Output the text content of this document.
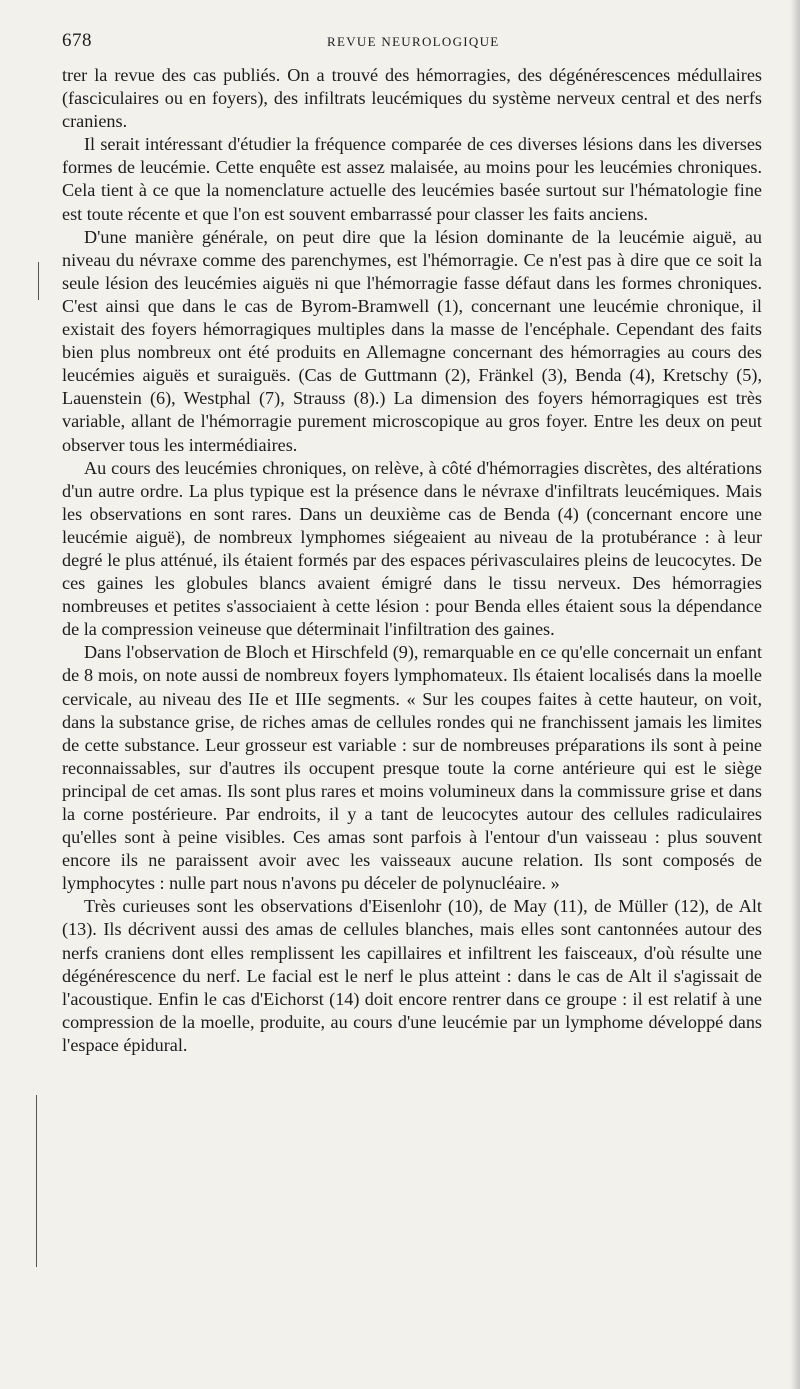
678	REVUE NEUROLOGIQUE

trer la revue des cas publiés. On a trouvé des hémorragies, des dégénérescences médullaires (fasciculaires ou en foyers), des infiltrats leucémiques du système nerveux central et des nerfs craniens.

Il serait intéressant d'étudier la fréquence comparée de ces diverses lésions dans les diverses formes de leucémie. Cette enquête est assez malaisée, au moins pour les leucémies chroniques. Cela tient à ce que la nomenclature actuelle des leucémies basée surtout sur l'hématologie fine est toute récente et que l'on est souvent embarrassé pour classer les faits anciens.

D'une manière générale, on peut dire que la lésion dominante de la leucémie aiguë, au niveau du névraxe comme des parenchymes, est l'hémorragie. Ce n'est pas à dire que ce soit la seule lésion des leucémies aiguës ni que l'hémorragie fasse défaut dans les formes chroniques. C'est ainsi que dans le cas de Byrom-Bramwell (1), concernant une leucémie chronique, il existait des foyers hémorragiques multiples dans la masse de l'encéphale. Cependant des faits bien plus nombreux ont été produits en Allemagne concernant des hémorragies au cours des leucémies aiguës et suraiguës. (Cas de Guttmann (2), Fränkel (3), Benda (4), Kretschy (5), Lauenstein (6), Westphal (7), Strauss (8).) La dimension des foyers hémorragiques est très variable, allant de l'hémorragie purement microscopique au gros foyer. Entre les deux on peut observer tous les intermédiaires.

Au cours des leucémies chroniques, on relève, à côté d'hémorragies discrètes, des altérations d'un autre ordre. La plus typique est la présence dans le névraxe d'infiltrats leucémiques. Mais les observations en sont rares. Dans un deuxième cas de Benda (4) (concernant encore une leucémie aiguë), de nombreux lymphomes siégeaient au niveau de la protubérance : à leur degré le plus atténué, ils étaient formés par des espaces périvasculaires pleins de leucocytes. De ces gaines les globules blancs avaient émigré dans le tissu nerveux. Des hémorragies nombreuses et petites s'associaient à cette lésion : pour Benda elles étaient sous la dépendance de la compression veineuse que déterminait l'infiltration des gaines.

Dans l'observation de Bloch et Hirschfeld (9), remarquable en ce qu'elle concernait un enfant de 8 mois, on note aussi de nombreux foyers lymphomateux. Ils étaient localisés dans la moelle cervicale, au niveau des IIe et IIIe segments. « Sur les coupes faites à cette hauteur, on voit, dans la substance grise, de riches amas de cellules rondes qui ne franchissent jamais les limites de cette substance. Leur grosseur est variable : sur de nombreuses préparations ils sont à peine reconnaissables, sur d'autres ils occupent presque toute la corne antérieure qui est le siège principal de cet amas. Ils sont plus rares et moins volumineux dans la commissure grise et dans la corne postérieure. Par endroits, il y a tant de leucocytes autour des cellules radiculaires qu'elles sont à peine visibles. Ces amas sont parfois à l'entour d'un vaisseau : plus souvent encore ils ne paraissent avoir avec les vaisseaux aucune relation. Ils sont composés de lymphocytes : nulle part nous n'avons pu déceler de polynucléaire. »

Très curieuses sont les observations d'Eisenlohr (10), de May (11), de Müller (12), de Alt (13). Ils décrivent aussi des amas de cellules blanches, mais elles sont cantonnées autour des nerfs craniens dont elles remplissent les capillaires et infiltrent les faisceaux, d'où résulte une dégénérescence du nerf. Le facial est le nerf le plus atteint : dans le cas de Alt il s'agissait de l'acoustique. Enfin le cas d'Eichorst (14) doit encore rentrer dans ce groupe : il est relatif à une compression de la moelle, produite, au cours d'une leucémie par un lymphome développé dans l'espace épidural.
